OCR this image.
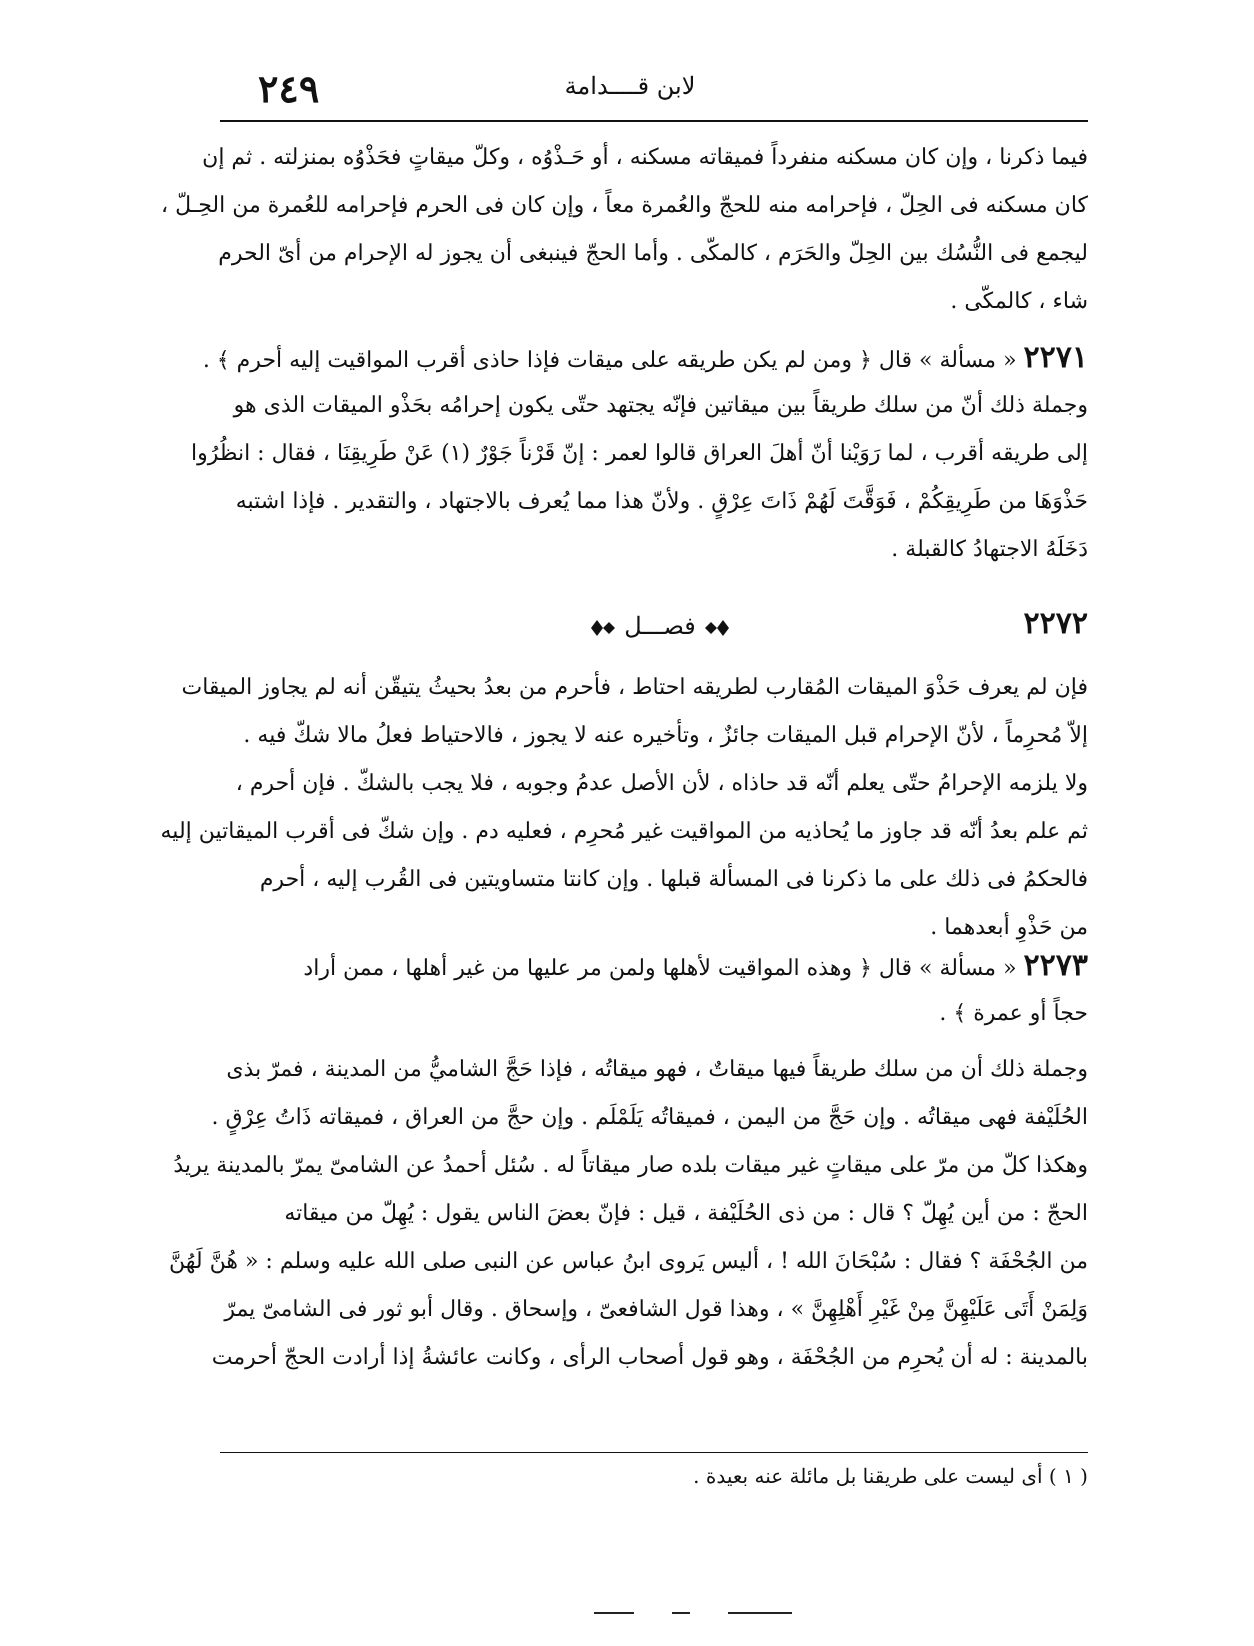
لابن قــــدامة
٢٤٩
فيما ذكرنا ، وإن كان مسكنه منفرداً فميقاته مسكنه ، أو حَـذْوُه ، وكلّ ميقاتٍ فحَذْوُه بمنزلته . ثم إن
كان مسكنه فى الحِلّ ، فإحرامه منه للحجّ والعُمرة معاً ، وإن كان فى الحرم فإحرامه للعُمرة من الحِـلّ ،
ليجمع فى النُّسُك بين الحِلّ والحَرَم ، كالمكّى . وأما الحجّ فينبغى أن يجوز له الإحرام من أىّ الحرم
شاء ، كالمكّى .
٢٢٧١ « مسألة » قال ﴿ ومن لم يكن طريقه على ميقات فإذا حاذى أقرب المواقيت إليه أحرم ﴾ .
وجملة ذلك أنّ من سلك طريقاً بين ميقاتين فإنّه يجتهد حتّى يكون إحرامُه بحَذْو الميقات الذى هو
إلى طريقه أقرب ، لما رَوَيْنا أنّ أهلَ العراق قالوا لعمر : إنّ قَرْناً جَوْرٌ (١) عَنْ طَرِيقِنَا ، فقال : انظُرُوا
حَذْوَهَا من طَرِيقِكُمْ ، فَوَقَّتَ لَهُمْ ذَاتَ عِرْقٍ . ولأنّ هذا مما يُعرف بالاجتهاد ، والتقدير . فإذا اشتبه
دَخَلَهُ الاجتهادُ كالقبلة .
٢٢٧٢
فصـــل
فإن لم يعرف حَذْوَ الميقات المُقارب لطريقه احتاط ، فأحرم من بعدُ بحيثُ يتيقّن أنه لم يجاوز الميقات
إلاّ مُحرِماً ، لأنّ الإحرام قبل الميقات جائزٌ ، وتأخيره عنه لا يجوز ، فالاحتياط فعلُ مالا شكّ فيه .
ولا يلزمه الإحرامُ حتّى يعلم أنّه قد حاذاه ، لأن الأصل عدمُ وجوبه ، فلا يجب بالشكّ . فإن أحرم ،
ثم علم بعدُ أنّه قد جاوز ما يُحاذيه من المواقيت غير مُحرِم ، فعليه دم . وإن شكّ فى أقرب الميقاتين إليه
فالحكمُ فى ذلك على ما ذكرنا فى المسألة قبلها . وإن كانتا متساويتين فى القُرب إليه ، أحرم
من حَذْوِ أبعدهما .
٢٢٧٣ « مسألة » قال ﴿ وهذه المواقيت لأهلها ولمن مر عليها من غير أهلها ، ممن أراد
حجاً أو عمرة ﴾ .
وجملة ذلك أن من سلك طريقاً فيها ميقاتٌ ، فهو ميقاتُه ، فإذا حَجَّ الشاميُّ من المدينة ، فمرّ بذى
الحُلَيْفة فهى ميقاتُه . وإن حَجَّ من اليمن ، فميقاتُه يَلَمْلَم . وإن حجَّ من العراق ، فميقاته ذَاتُ عِرْقٍ .
وهكذا كلّ من مرّ على ميقاتٍ غير ميقات بلده صار ميقاتاً له . سُئل أحمدُ عن الشامىّ يمرّ بالمدينة يريدُ
الحجّ : من أين يُهِلّ ؟ قال : من ذى الحُلَيْفة ، قيل : فإنّ بعضَ الناس يقول : يُهِلّ من ميقاته
من الجُحْفَة ؟ فقال : سُبْحَانَ الله ! ، أليس يَروى ابنُ عباس عن النبى صلى الله عليه وسلم : « هُنَّ لَهُنَّ
وَلِمَنْ أَتَى عَلَيْهِنَّ مِنْ غَيْرِ أَهْلِهِنَّ » ، وهذا قول الشافعىّ ، وإسحاق . وقال أبو ثور فى الشامىّ يمرّ
بالمدينة : له أن يُحرِم من الجُحْفَة ، وهو قول أصحاب الرأى ، وكانت عائشةُ إذا أرادت الحجّ أحرمت
( ١ ) أى ليست على طريقنا بل مائلة عنه بعيدة .
